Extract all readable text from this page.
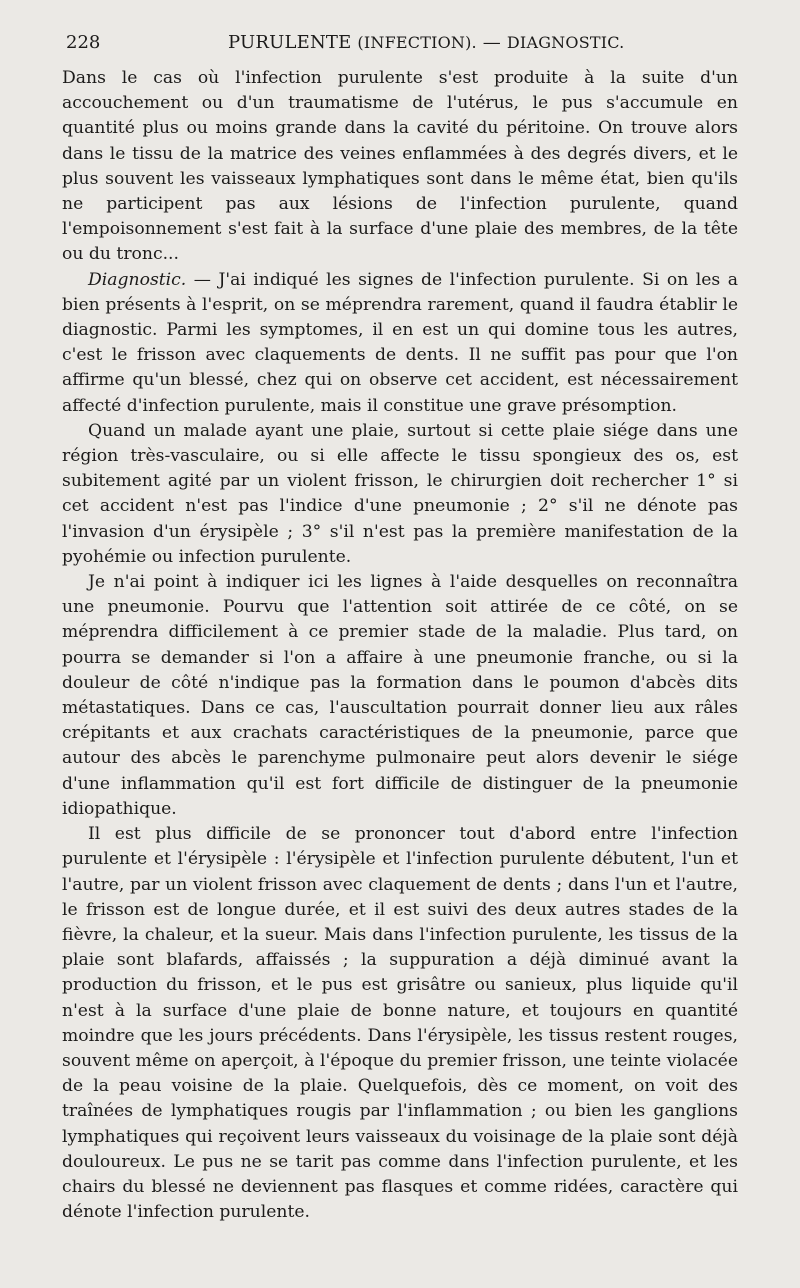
228	PURULENTE (INFECTION). — DIAGNOSTIC.

Dans le cas où l'infection purulente s'est produite à la suite d'un accouchement ou d'un traumatisme de l'utérus, le pus s'accumule en quantité plus ou moins grande dans la cavité du péritoine. On trouve alors dans le tissu de la matrice des veines enflammées à des degrés divers, et le plus souvent les vaisseaux lymphatiques sont dans le même état, bien qu'ils ne participent pas aux lésions de l'infection purulente, quand l'empoisonnement s'est fait à la surface d'une plaie des membres, de la tête ou du tronc...

Diagnostic. — J'ai indiqué les signes de l'infection purulente. Si on les a bien présents à l'esprit, on se méprendra rarement, quand il faudra établir le diagnostic. Parmi les symptomes, il en est un qui domine tous les autres, c'est le frisson avec claquements de dents. Il ne suffit pas pour que l'on affirme qu'un blessé, chez qui on observe cet accident, est nécessairement affecté d'infection purulente, mais il constitue une grave présomption.

Quand un malade ayant une plaie, surtout si cette plaie siége dans une région très-vasculaire, ou si elle affecte le tissu spongieux des os, est subitement agité par un violent frisson, le chirurgien doit rechercher 1° si cet accident n'est pas l'indice d'une pneumonie ; 2° s'il ne dénote pas l'invasion d'un érysipèle ; 3° s'il n'est pas la première manifestation de la pyohémie ou infection purulente.

Je n'ai point à indiquer ici les lignes à l'aide desquelles on reconnaîtra une pneumonie. Pourvu que l'attention soit attirée de ce côté, on se méprendra difficilement à ce premier stade de la maladie. Plus tard, on pourra se demander si l'on a affaire à une pneumonie franche, ou si la douleur de côté n'indique pas la formation dans le poumon d'abcès dits métastatiques. Dans ce cas, l'auscultation pourrait donner lieu aux râles crépitants et aux crachats caractéristiques de la pneumonie, parce que autour des abcès le parenchyme pulmonaire peut alors devenir le siége d'une inflammation qu'il est fort difficile de distinguer de la pneumonie idiopathique.

Il est plus difficile de se prononcer tout d'abord entre l'infection purulente et l'érysipèle : l'érysipèle et l'infection purulente débutent, l'un et l'autre, par un violent frisson avec claquement de dents ; dans l'un et l'autre, le frisson est de longue durée, et il est suivi des deux autres stades de la fièvre, la chaleur, et la sueur. Mais dans l'infection purulente, les tissus de la plaie sont blafards, affaissés ; la suppuration a déjà diminué avant la production du frisson, et le pus est grisâtre ou sanieux, plus liquide qu'il n'est à la surface d'une plaie de bonne nature, et toujours en quantité moindre que les jours précédents. Dans l'érysipèle, les tissus restent rouges, souvent même on aperçoit, à l'époque du premier frisson, une teinte violacée de la peau voisine de la plaie. Quelquefois, dès ce moment, on voit des traînées de lymphatiques rougis par l'inflammation ; ou bien les ganglions lymphatiques qui reçoivent leurs vaisseaux du voisinage de la plaie sont déjà douloureux. Le pus ne se tarit pas comme dans l'infection purulente, et les chairs du blessé ne deviennent pas flasques et comme ridées, caractère qui dénote l'infection purulente.
